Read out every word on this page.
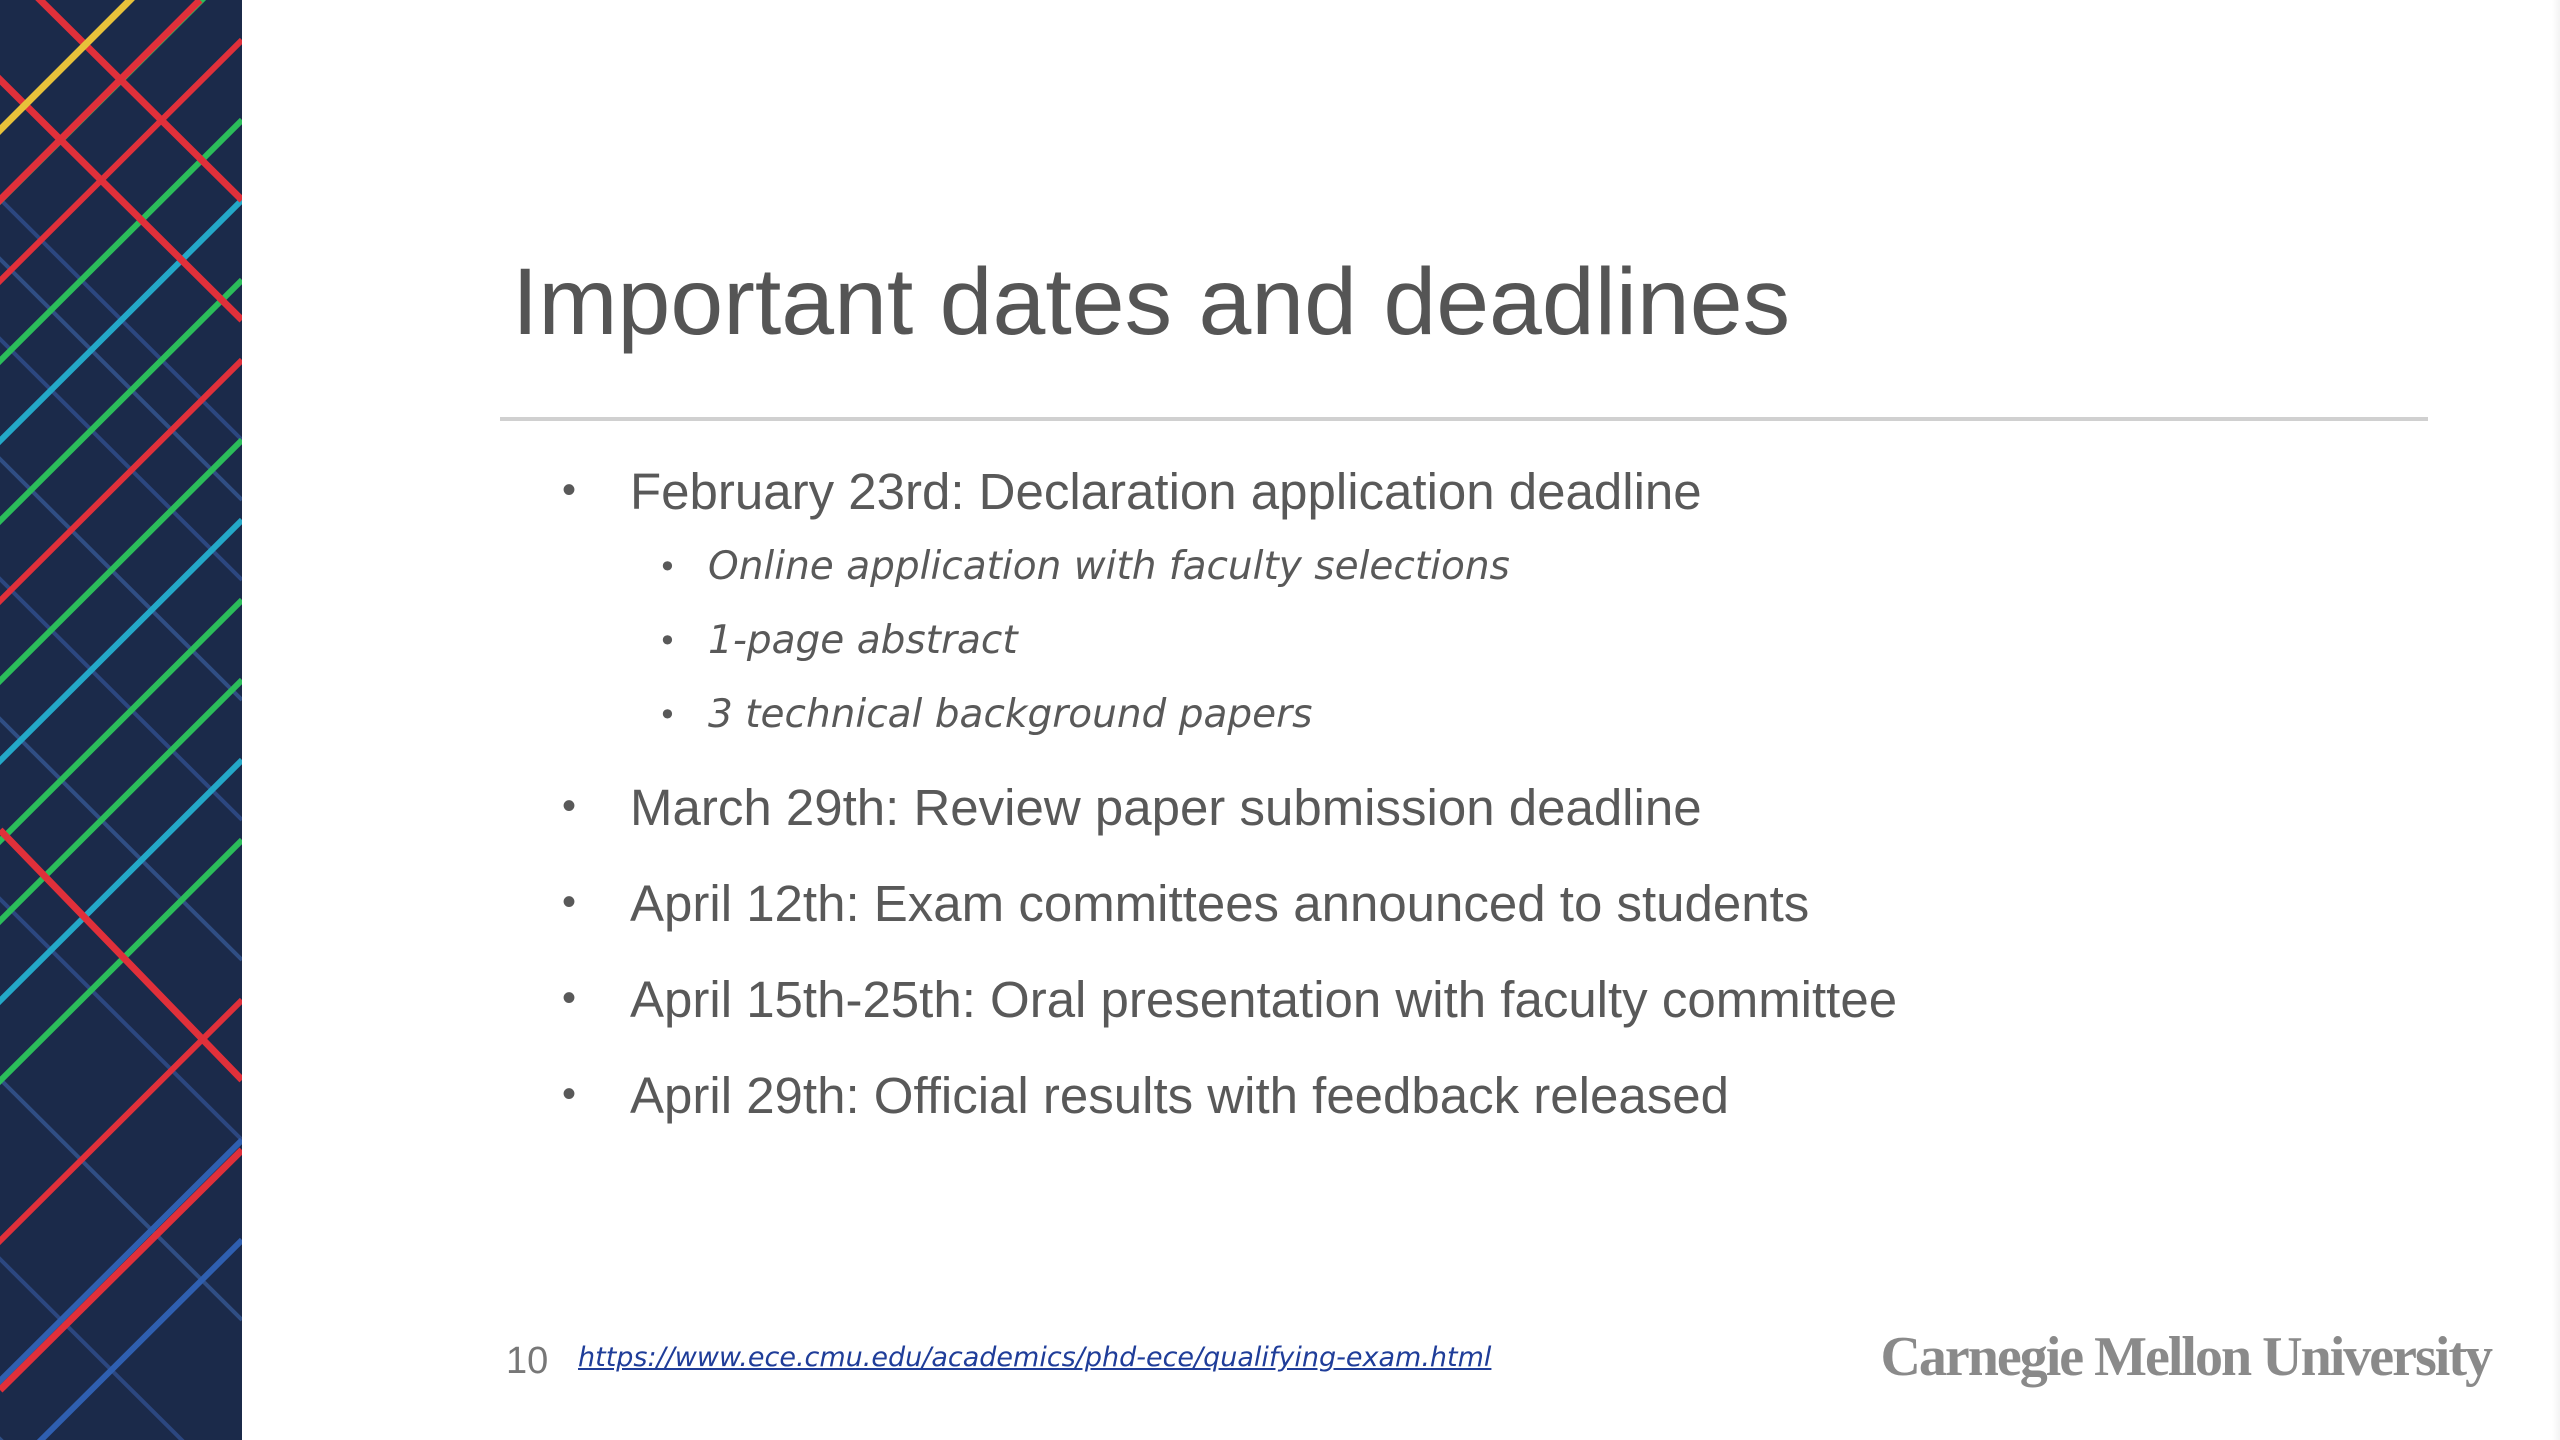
Important dates and deadlines
• February 23rd: Declaration application deadline
• Online application with faculty selections
• 1-page abstract
• 3 technical background papers
• March 29th: Review paper submission deadline
• April 12th: Exam committees announced to students
• April 15th-25th: Oral presentation with faculty committee
• April 29th: Official results with feedback released
10 https://www.ece.cmu.edu/academics/phd-ece/qualifying-exam.html	Carnegie Mellon University
